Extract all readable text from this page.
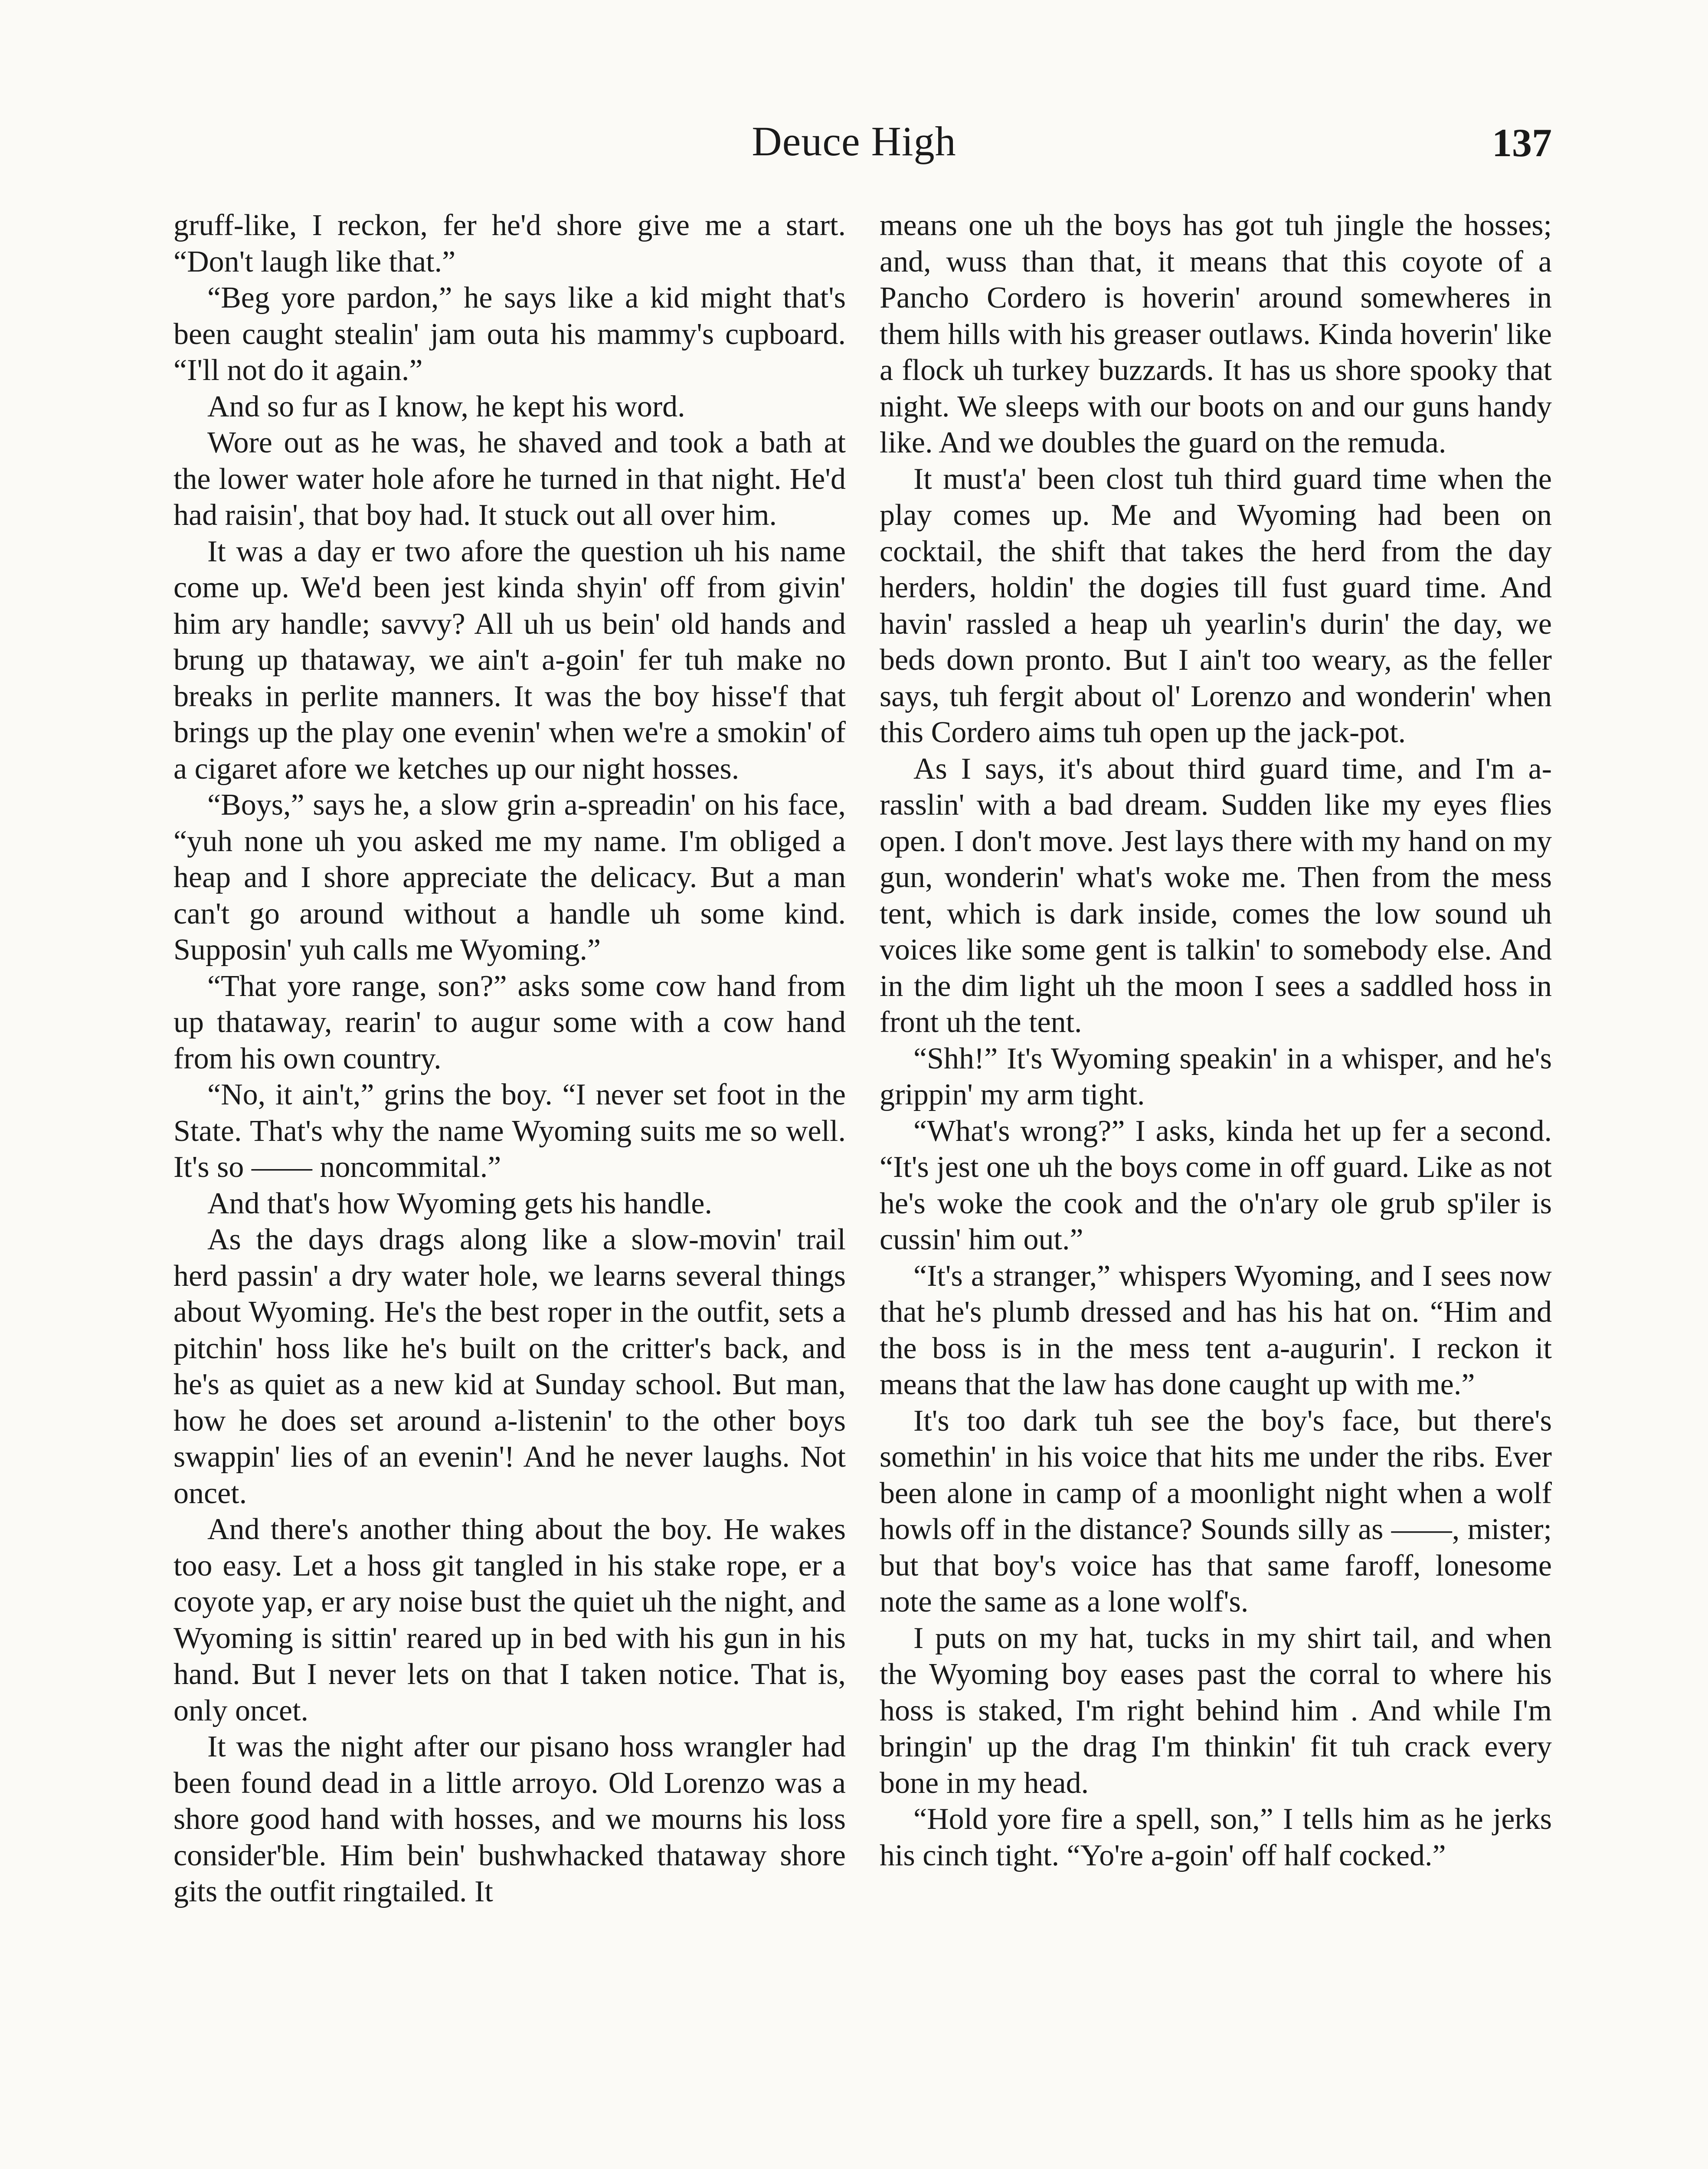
Deuce High	137

gruff-like, I reckon, fer he'd shore give me a start. “Don't laugh like that.”

“Beg yore pardon,” he says like a kid might that's been caught stealin' jam outa his mammy's cupboard. “I'll not do it again.”

And so fur as I know, he kept his word.

Wore out as he was, he shaved and took a bath at the lower water hole afore he turned in that night. He'd had raisin', that boy had. It stuck out all over him.

It was a day er two afore the question uh his name come up. We'd been jest kinda shyin' off from givin' him ary handle; savvy? All uh us bein' old hands and brung up thataway, we ain't a-goin' fer tuh make no breaks in perlite manners. It was the boy hisse'f that brings up the play one evenin' when we're a smokin' of a cigaret afore we ketches up our night hosses.

“Boys,” says he, a slow grin a-spreadin' on his face, “yuh none uh you asked me my name. I'm obliged a heap and I shore appreciate the delicacy. But a man can't go around without a handle uh some kind. Supposin' yuh calls me Wyoming.”

“That yore range, son?” asks some cow hand from up thataway, rearin' to augur some with a cow hand from his own country.

“No, it ain't,” grins the boy. “I never set foot in the State. That's why the name Wyoming suits me so well. It's so —— noncommital.”

And that's how Wyoming gets his handle.

As the days drags along like a slow-movin' trail herd passin' a dry water hole, we learns several things about Wyoming. He's the best roper in the outfit, sets a pitchin' hoss like he's built on the critter's back, and he's as quiet as a new kid at Sunday school. But man, how he does set around a-listenin' to the other boys swappin' lies of an evenin'! And he never laughs. Not oncet.

And there's another thing about the boy. He wakes too easy. Let a hoss git tangled in his stake rope, er a coyote yap, er ary noise bust the quiet uh the night, and Wyoming is sittin' reared up in bed with his gun in his hand. But I never lets on that I taken notice. That is, only oncet.

It was the night after our pisano hoss wrangler had been found dead in a little arroyo. Old Lorenzo was a shore good hand with hosses, and we mourns his loss consider'ble. Him bein' bushwhacked thataway shore gits the outfit ringtailed. It

means one uh the boys has got tuh jingle the hosses; and, wuss than that, it means that this coyote of a Pancho Cordero is hoverin' around somewheres in them hills with his greaser outlaws. Kinda hoverin' like a flock uh turkey buzzards. It has us shore spooky that night. We sleeps with our boots on and our guns handy like. And we doubles the guard on the remuda.

It must'a' been clost tuh third guard time when the play comes up. Me and Wyoming had been on cocktail, the shift that takes the herd from the day herders, holdin' the dogies till fust guard time. And havin' rassled a heap uh yearlin's durin' the day, we beds down pronto. But I ain't too weary, as the feller says, tuh fergit about ol' Lorenzo and wonderin' when this Cordero aims tuh open up the jack-pot.

As I says, it's about third guard time, and I'm a-rasslin' with a bad dream. Sudden like my eyes flies open. I don't move. Jest lays there with my hand on my gun, wonderin' what's woke me. Then from the mess tent, which is dark inside, comes the low sound uh voices like some gent is talkin' to somebody else. And in the dim light uh the moon I sees a saddled hoss in front uh the tent.

“Shh!” It's Wyoming speakin' in a whisper, and he's grippin' my arm tight.

“What's wrong?” I asks, kinda het up fer a second. “It's jest one uh the boys come in off guard. Like as not he's woke the cook and the o'n'ary ole grub sp'iler is cussin' him out.”

“It's a stranger,” whispers Wyoming, and I sees now that he's plumb dressed and has his hat on. “Him and the boss is in the mess tent a-augurin'. I reckon it means that the law has done caught up with me.”

It's too dark tuh see the boy's face, but there's somethin' in his voice that hits me under the ribs. Ever been alone in camp of a moonlight night when a wolf howls off in the distance? Sounds silly as ——, mister; but that boy's voice has that same faroff, lonesome note the same as a lone wolf's.

I puts on my hat, tucks in my shirt tail, and when the Wyoming boy eases past the corral to where his hoss is staked, I'm right behind him . And while I'm bringin' up the drag I'm thinkin' fit tuh crack every bone in my head.

“Hold yore fire a spell, son,” I tells him as he jerks his cinch tight. “Yo're a-goin' off half cocked.”
